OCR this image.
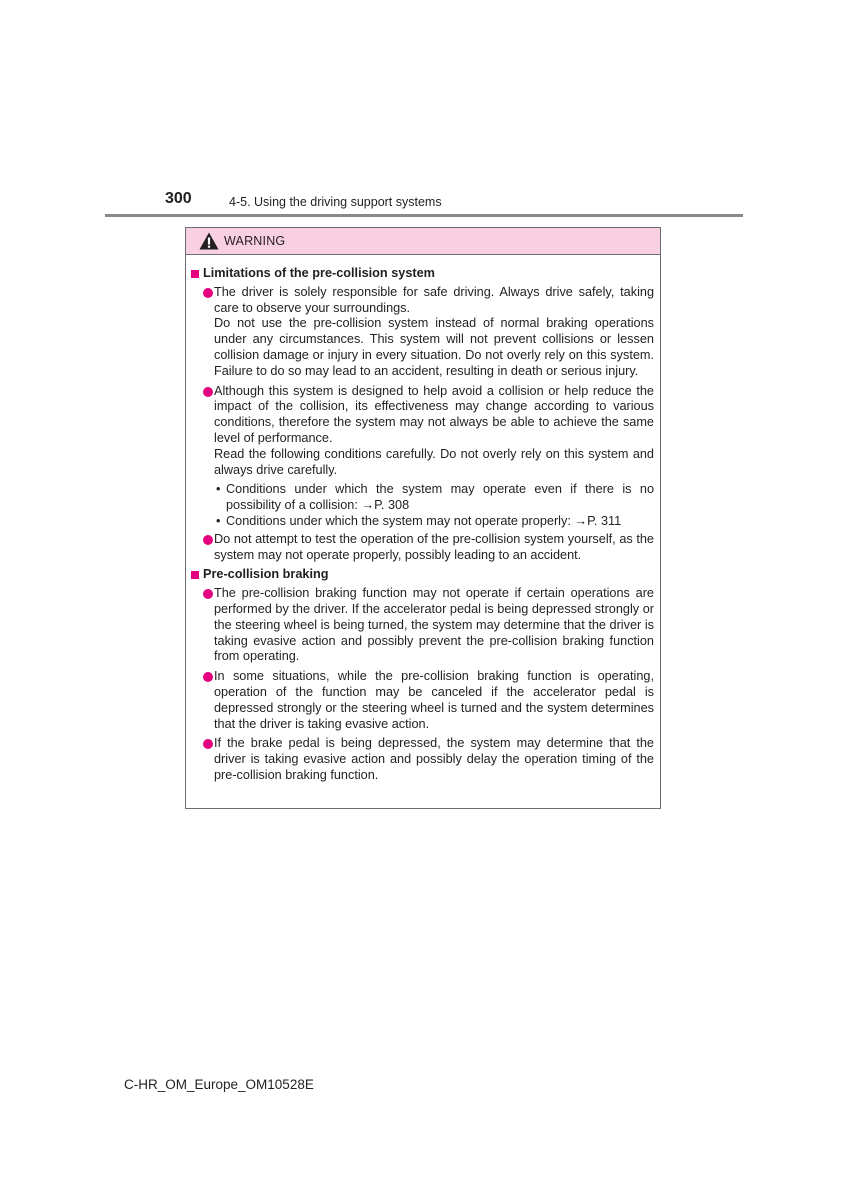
300	4-5. Using the driving support systems
WARNING
Limitations of the pre-collision system

The driver is solely responsible for safe driving. Always drive safely, taking care to observe your surroundings.

Do not use the pre-collision system instead of normal braking operations under any circumstances. This system will not prevent collisions or lessen collision damage or injury in every situation. Do not overly rely on this system. Failure to do so may lead to an accident, resulting in death or serious injury.

Although this system is designed to help avoid a collision or help reduce the impact of the collision, its effectiveness may change according to various conditions, therefore the system may not always be able to achieve the same level of performance.

Read the following conditions carefully. Do not overly rely on this system and always drive carefully.

• Conditions under which the system may operate even if there is no possibility of a collision: →P. 308
• Conditions under which the system may not operate properly: →P. 311

Do not attempt to test the operation of the pre-collision system yourself, as the system may not operate properly, possibly leading to an accident.

Pre-collision braking

The pre-collision braking function may not operate if certain operations are performed by the driver. If the accelerator pedal is being depressed strongly or the steering wheel is being turned, the system may determine that the driver is taking evasive action and possibly prevent the pre-collision braking function from operating.

In some situations, while the pre-collision braking function is operating, operation of the function may be canceled if the accelerator pedal is depressed strongly or the steering wheel is turned and the system determines that the driver is taking evasive action.

If the brake pedal is being depressed, the system may determine that the driver is taking evasive action and possibly delay the operation timing of the pre-collision braking function.

C-HR_OM_Europe_OM10528E
